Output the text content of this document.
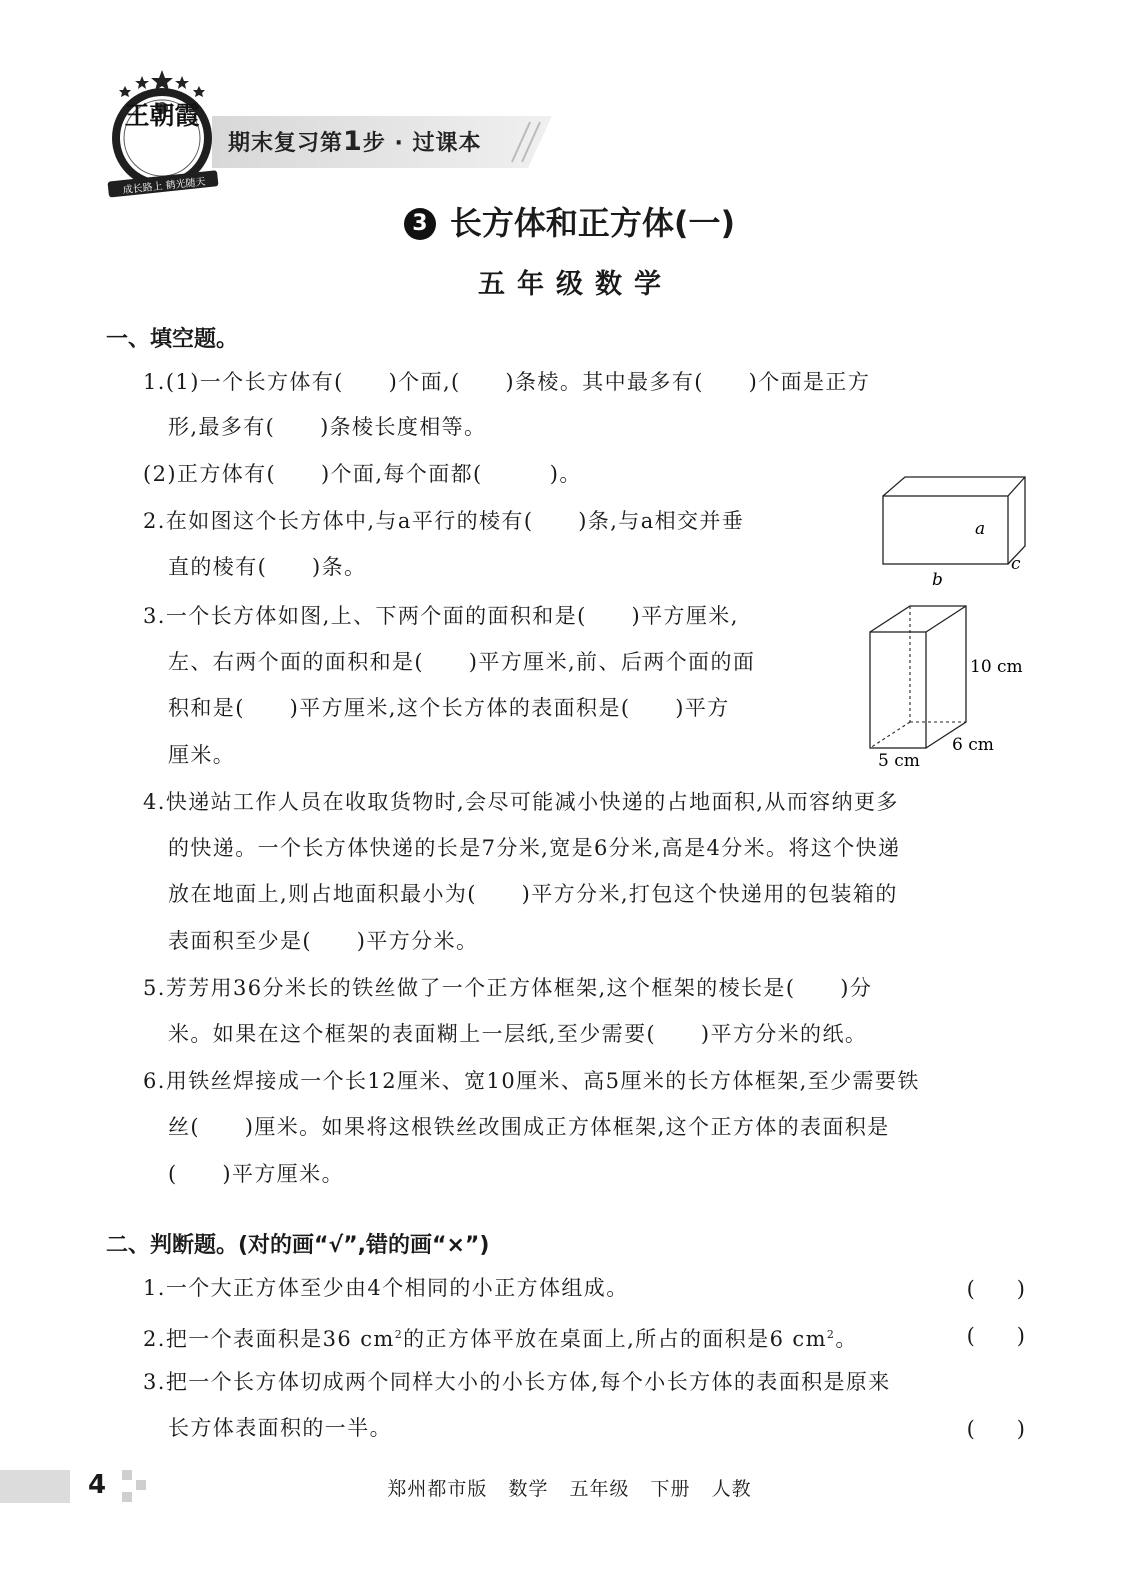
王朝霞
成长路上 鹤光随天
期末复习第1步 · 过课本
3 长方体和正方体(一)
五年级数学
一、填空题。
1.(1)一个长方体有(　　)个面,(　　)条棱。其中最多有(　　)个面是正方
形,最多有(　　)条棱长度相等。
(2)正方体有(　　)个面,每个面都(　　　)。
2.在如图这个长方体中,与a平行的棱有(　　)条,与a相交并垂
直的棱有(　　)条。
3.一个长方体如图,上、下两个面的面积和是(　　)平方厘米,
左、右两个面的面积和是(　　)平方厘米,前、后两个面的面
积和是(　　)平方厘米,这个长方体的表面积是(　　)平方
厘米。
4.快递站工作人员在收取货物时,会尽可能减小快递的占地面积,从而容纳更多
的快递。一个长方体快递的长是7分米,宽是6分米,高是4分米。将这个快递
放在地面上,则占地面积最小为(　　)平方分米,打包这个快递用的包装箱的
表面积至少是(　　)平方分米。
5.芳芳用36分米长的铁丝做了一个正方体框架,这个框架的棱长是(　　)分
米。如果在这个框架的表面糊上一层纸,至少需要(　　)平方分米的纸。
6.用铁丝焊接成一个长12厘米、宽10厘米、高5厘米的长方体框架,至少需要铁
丝(　　)厘米。如果将这根铁丝改围成正方体框架,这个正方体的表面积是
(　　)平方厘米。
a
b
c
10 cm
6 cm
5 cm
二、判断题。(对的画“√”,错的画“×”)
1.一个大正方体至少由4个相同的小正方体组成。	(　　)
2.把一个表面积是36 $cm^2$的正方体平放在桌面上,所占的面积是6 $cm^2$。	(　　)
3.把一个长方体切成两个同样大小的小长方体,每个小长方体的表面积是原来
长方体表面积的一半。	(　　)
4	郑州都市版 数学 五年级 下册 人教
